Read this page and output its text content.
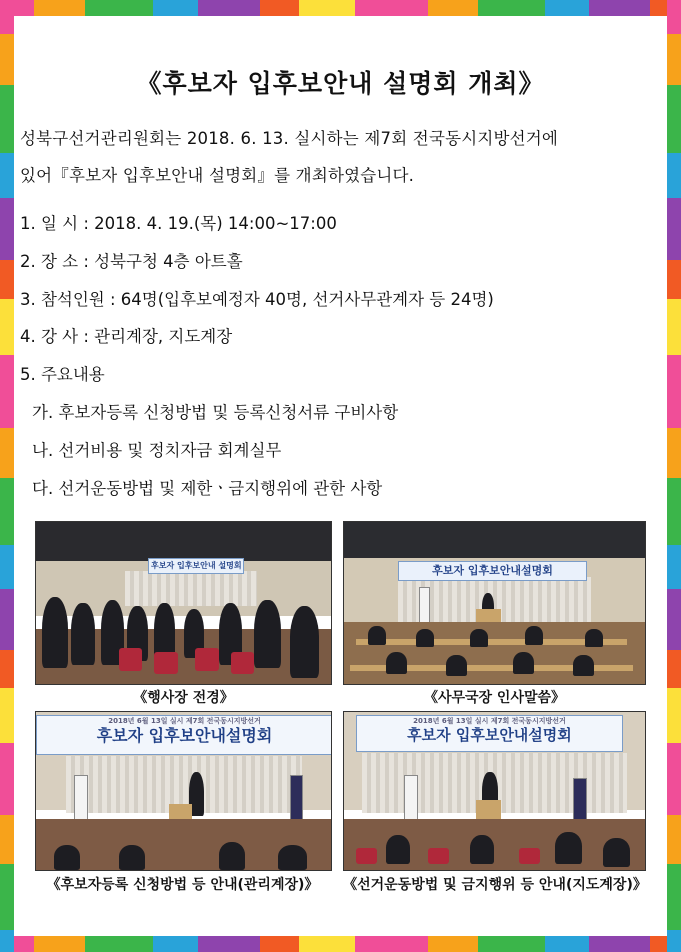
《후보자 입후보안내 설명회 개최》
성북구선거관리원회는 2018. 6. 13. 실시하는 제7회 전국동시지방선거에
있어『후보자 입후보안내 설명회』를 개최하였습니다.
1. 일 시 : 2018. 4. 19.(목) 14:00~17:00
2. 장 소 : 성북구청 4층 아트홀
3. 참석인원 : 64명(입후보예정자 40명, 선거사무관계자 등 24명)
4. 강 사 : 관리계장, 지도계장
5. 주요내용
가. 후보자등록 신청방법 및 등록신청서류 구비사항
나. 선거비용 및 정치자금 회계실무
다. 선거운동방법 및 제한ㆍ금지행위에 관한 사항
후보자 입후보안내 설명회
《행사장 전경》
후보자 입후보안내설명회
《사무국장 인사말씀》
2018년 6월 13일 실시 제7회 전국동시지방선거
후보자 입후보안내설명회
《후보자등록 신청방법 등 안내(관리계장)》
2018년 6월 13일 실시 제7회 전국동시지방선거
후보자 입후보안내설명회
《선거운동방법 및 금지행위 등 안내(지도계장)》
